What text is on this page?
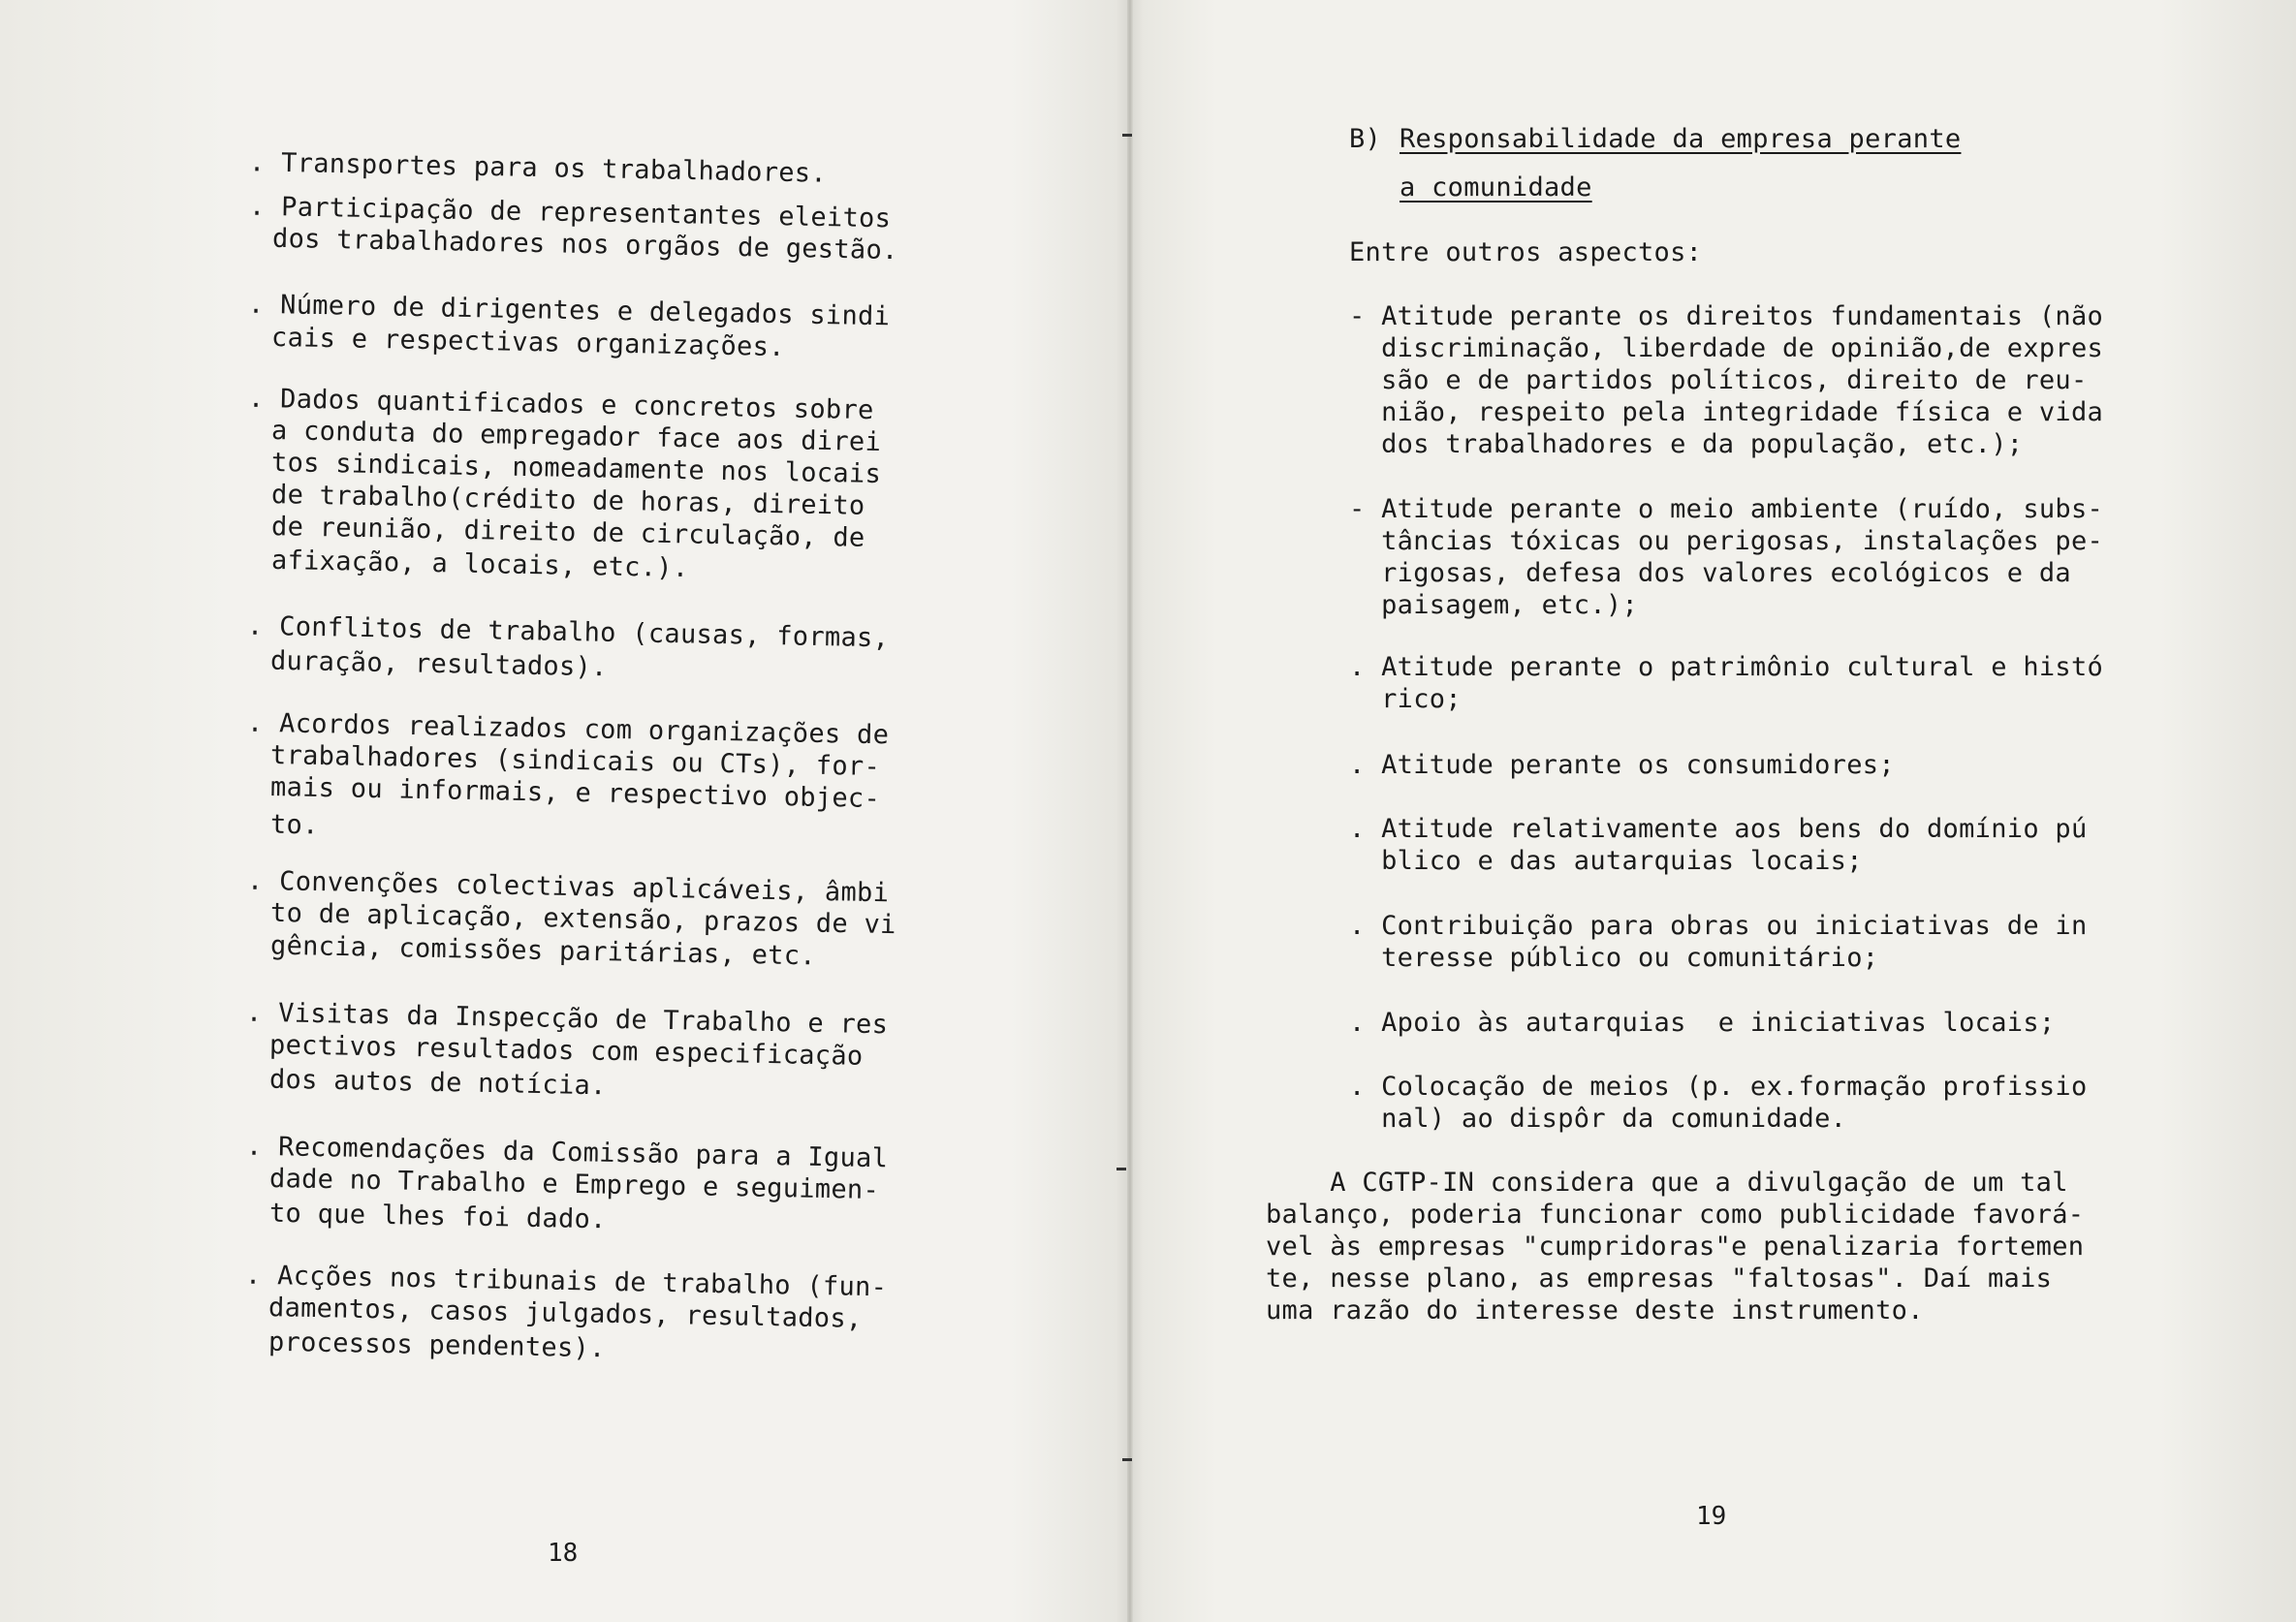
. Transportes para os trabalhadores.
. Participação de representantes eleitos
dos trabalhadores nos orgãos de gestão.
. Número de dirigentes e delegados sindi
cais e respectivas organizações.
. Dados quantificados e concretos sobre
a conduta do empregador face aos direi
tos sindicais, nomeadamente nos locais
de trabalho(crédito de horas, direito
de reunião, direito de circulação, de
afixação, a locais, etc.).
. Conflitos de trabalho (causas, formas,
duração, resultados).
. Acordos realizados com organizações de
trabalhadores (sindicais ou CTs), for-
mais ou informais, e respectivo objec-
to.
. Convenções colectivas aplicáveis, âmbi
to de aplicação, extensão, prazos de vi
gência, comissões paritárias, etc.
. Visitas da Inspecção de Trabalho e res
pectivos resultados com especificação
dos autos de notícia.
. Recomendações da Comissão para a Igual
dade no Trabalho e Emprego e seguimen-
to que lhes foi dado.
. Acções nos tribunais de trabalho (fun-
damentos, casos julgados, resultados,
processos pendentes).
18
B) Responsabilidade da empresa perante
a comunidade
Entre outros aspectos:
- Atitude perante os direitos fundamentais (não
discriminação, liberdade de opinião,de expres
são e de partidos políticos, direito de reu-
nião, respeito pela integridade física e vida
dos trabalhadores e da população, etc.);
- Atitude perante o meio ambiente (ruído, subs-
tâncias tóxicas ou perigosas, instalações pe-
rigosas, defesa dos valores ecológicos e da
paisagem, etc.);
. Atitude perante o patrimônio cultural e histó
rico;
. Atitude perante os consumidores;
. Atitude relativamente aos bens do domínio pú
blico e das autarquias locais;
. Contribuição para obras ou iniciativas de in
teresse público ou comunitário;
. Apoio às autarquias  e iniciativas locais;
. Colocação de meios (p. ex.formação profissio
nal) ao dispôr da comunidade.
A CGTP-IN considera que a divulgação de um tal
balanço, poderia funcionar como publicidade favorá-
vel às empresas "cumpridoras"e penalizaria fortemen
te, nesse plano, as empresas "faltosas". Daí mais
uma razão do interesse deste instrumento.
19
